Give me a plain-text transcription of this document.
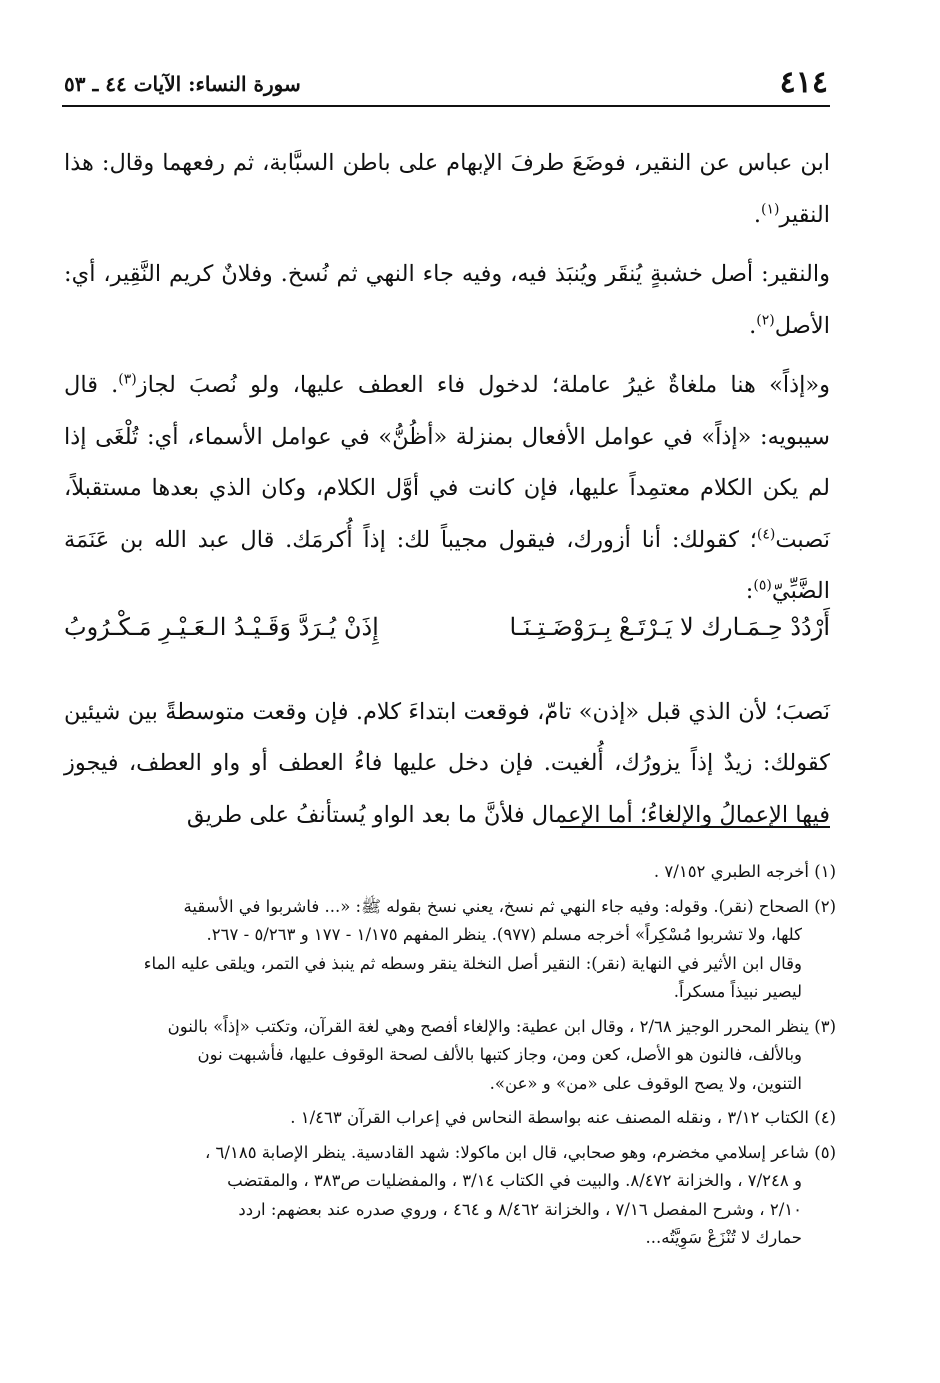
٤١٤
سورة النساء: الآيات ٤٤ ـ ٥٣

ابن عباس عن النقير، فوضَعَ طرفَ الإبهام على باطن السبَّابة، ثم رفعهما وقال: هذا النقير$^{(١)}$.

والنقير: أصل خشبةٍ يُنقَر ويُنبَذ فيه، وفيه جاء النهي ثم نُسخ. وفلانٌ كريم النَّقِير، أي: الأصل$^{(٢)}$.

و«إذاً» هنا ملغاةٌ غيرُ عاملة؛ لدخول فاء العطف عليها، ولو نُصبَ لجاز$^{(٣)}$. قال سيبويه: «إذاً» في عوامل الأفعال بمنزلة «أظُنُّ» في عوامل الأسماء، أي: تُلْغَى إذا لم يكن الكلام معتمِداً عليها، فإن كانت في أوَّل الكلام، وكان الذي بعدها مستقبلاً، نَصبت$^{(٤)}$؛ كقولك: أنا أزورك، فيقول مجيباً لك: إذاً أُكرمَك. قال عبد الله بن عَنَمَة الضَّبِّيّ$^{(٥)}$:

أَرْدُدْ حِـمَـارك لا يَـرْتَـعْ بِـرَوْضَـتِـنَـا
إِذَنْ يُـرَدَّ وَقَـيْـدُ الـعَـيْـرِ مَـكْـرُوبُ

نَصبَ؛ لأن الذي قبل «إذن» تامّ، فوقعت ابتداءَ كلام. فإن وقعت متوسطةً بين شيئين كقولك: زيدٌ إذاً يزورُك، أُلغيت. فإن دخل عليها فاءُ العطف أو واو العطف، فيجوز فيها الإعمالُ والإلغاءُ؛ أما الإعمال فلأنَّ ما بعد الواو يُستأنفُ على طريق

(١) أخرجه الطبري ٧/١٥٢ .
(٢) الصحاح (نقر). وقوله: وفيه جاء النهي ثم نسخ، يعني نسخ بقوله ﷺ: «... فاشربوا في الأسقية
كلها، ولا تشربوا مُسْكِراً» أخرجه مسلم (٩٧٧). ينظر المفهم ١/١٧٥ - ١٧٧ و ٥/٢٦٣ - ٢٦٧.
وقال ابن الأثير في النهاية (نقر): النقير أصل النخلة ينقر وسطه ثم ينبذ في التمر، ويلقى عليه الماء
ليصير نبيذاً مسكراً.
(٣) ينظر المحرر الوجيز ٢/٦٨ ، وقال ابن عطية: والإلغاء أفصح وهي لغة القرآن، وتكتب «إذاً» بالنون
وبالألف، فالنون هو الأصل، كعن ومن، وجاز كتبها بالألف لصحة الوقوف عليها، فأشبهت نون
التنوين، ولا يصح الوقوف على «من» و «عن».
(٤) الكتاب ٣/١٢ ، ونقله المصنف عنه بواسطة النحاس في إعراب القرآن ١/٤٦٣ .
(٥) شاعر إسلامي مخضرم، وهو صحابي، قال ابن ماكولا: شهد القادسية. ينظر الإصابة ٦/١٨٥ ،
و ٧/٢٤٨ ، والخزانة ٨/٤٧٢. والبيت في الكتاب ٣/١٤ ، والمفضليات ص٣٨٣ ، والمقتضب
٢/١٠ ، وشرح المفصل ٧/١٦ ، والخزانة ٨/٤٦٢ و ٤٦٤ ، وروي صدره عند بعضهم: اردد
حمارك لا تُنْزَعْ سَوِيَّتُه...
